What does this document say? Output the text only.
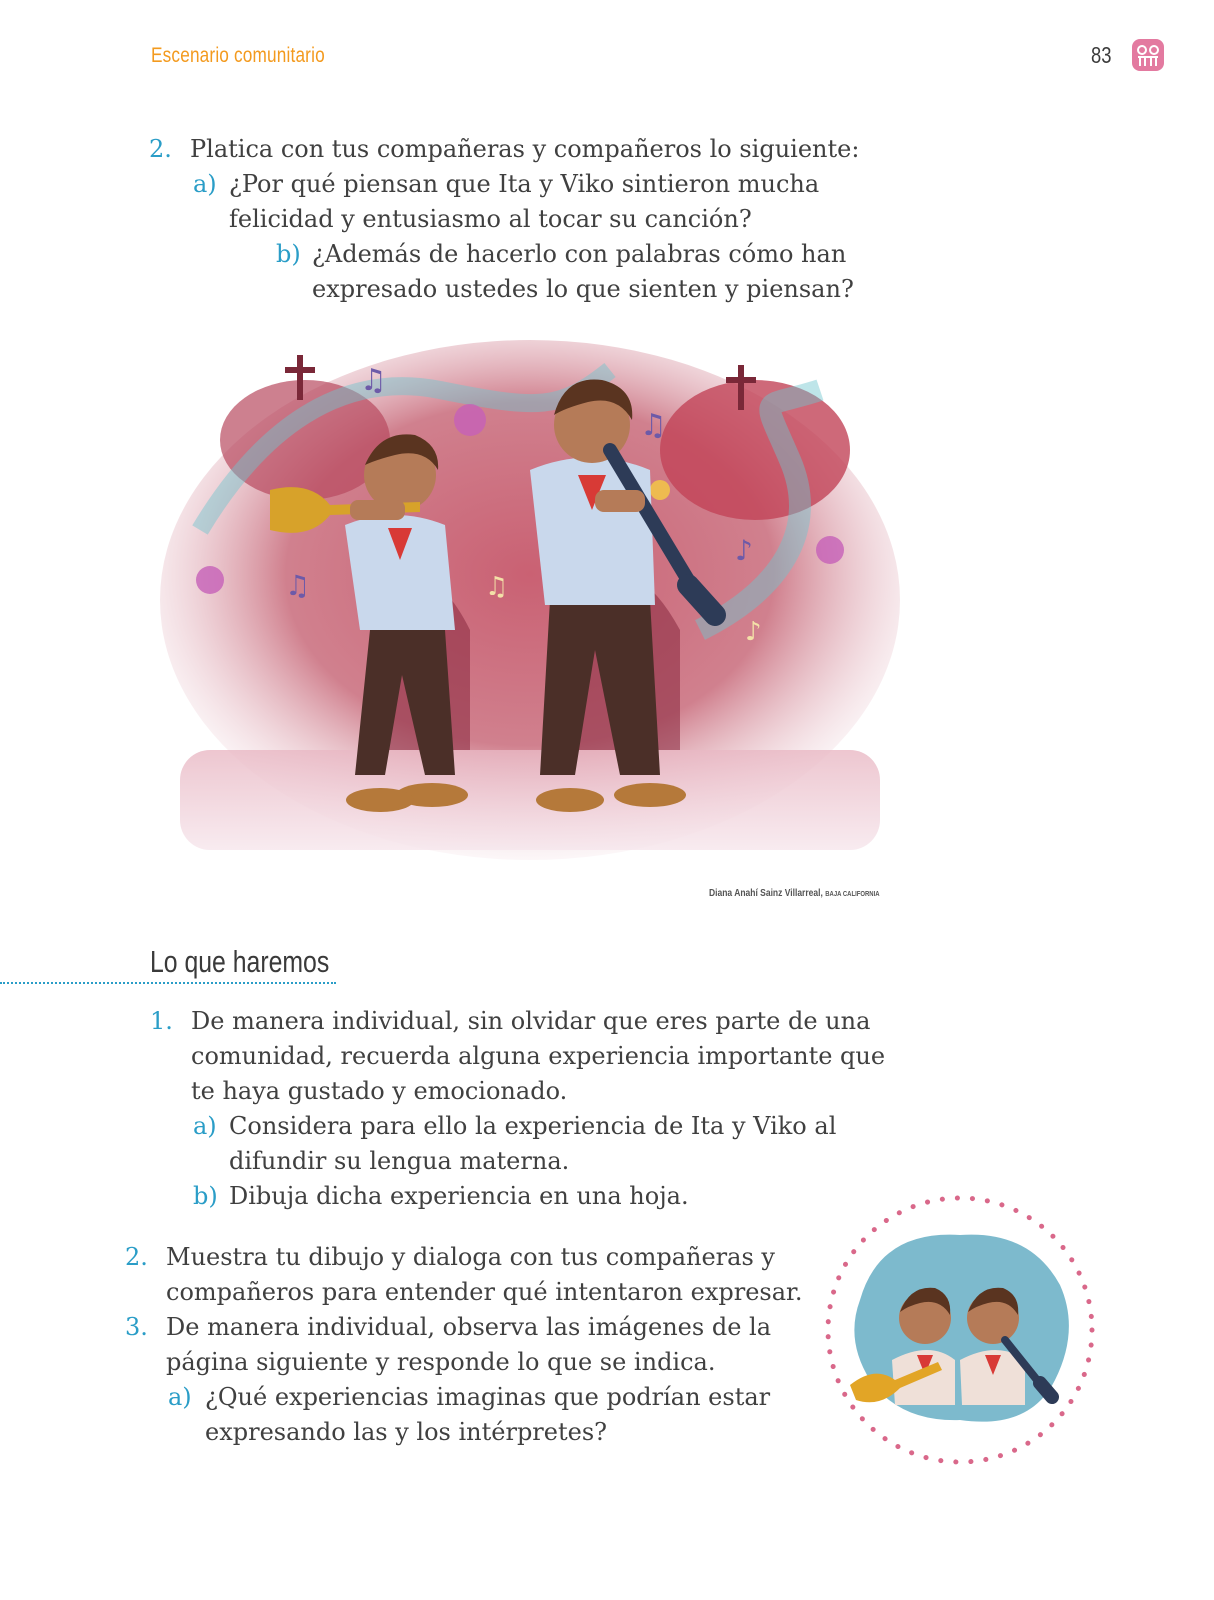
Escenario comunitario	83
2. Platica con tus compañeras y compañeros lo siguiente:
a) ¿Por qué piensan que Ita y Viko sintieron mucha
felicidad y entusiasmo al tocar su canción?
b) ¿Además de hacerlo con palabras cómo han
expresado ustedes lo que sienten y piensan?
♫
♫
♫
♪
♫
♪
Diana Anahí Sainz Villarreal, BAJA CALIFORNIA
Lo que haremos
1. De manera individual, sin olvidar que eres parte de una
comunidad, recuerda alguna experiencia importante que
te haya gustado y emocionado.
a) Considera para ello la experiencia de Ita y Viko al
difundir su lengua materna.
b) Dibuja dicha experiencia en una hoja.
2. Muestra tu dibujo y dialoga con tus compañeras y
compañeros para entender qué intentaron expresar.
3. De manera individual, observa las imágenes de la
página siguiente y responde lo que se indica.
a) ¿Qué experiencias imaginas que podrían estar
expresando las y los intérpretes?
